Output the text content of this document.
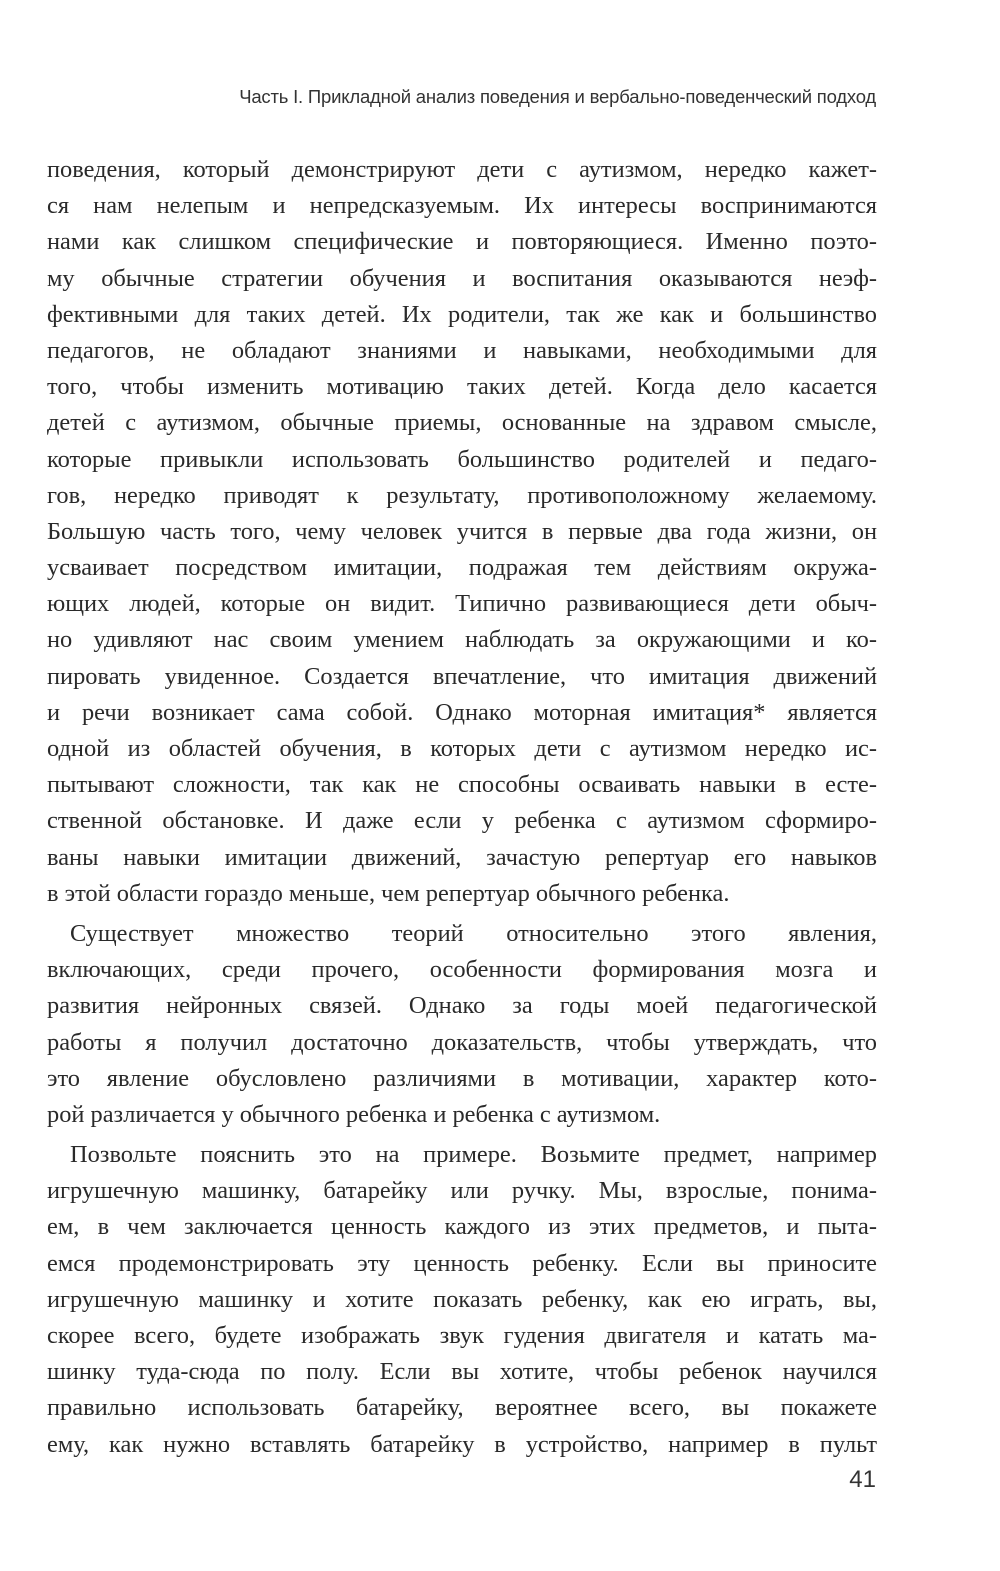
Часть I. Прикладной анализ поведения и вербально-поведенческий подход
поведения, который демонстрируют дети с аутизмом, нередко кажет-
ся нам нелепым и непредсказуемым. Их интересы воспринимаются
нами как слишком специфические и повторяющиеся. Именно поэто-
му обычные стратегии обучения и воспитания оказываются неэф-
фективными для таких детей. Их родители, так же как и большинство
педагогов, не обладают знаниями и навыками, необходимыми для
того, чтобы изменить мотивацию таких детей. Когда дело касается
детей с аутизмом, обычные приемы, основанные на здравом смысле,
которые привыкли использовать большинство родителей и педаго-
гов, нередко приводят к результату, противоположному желаемому.
Большую часть того, чему человек учится в первые два года жизни, он
усваивает посредством имитации, подражая тем действиям окружа-
ющих людей, которые он видит. Типично развивающиеся дети обыч-
но удивляют нас своим умением наблюдать за окружающими и ко-
пировать увиденное. Создается впечатление, что имитация движений
и речи возникает сама собой. Однако моторная имитация* является
одной из областей обучения, в которых дети с аутизмом нередко ис-
пытывают сложности, так как не способны осваивать навыки в есте-
ственной обстановке. И даже если у ребенка с аутизмом сформиро-
ваны навыки имитации движений, зачастую репертуар его навыков
в этой области гораздо меньше, чем репертуар обычного ребенка.
Существует множество теорий относительно этого явления,
включающих, среди прочего, особенности формирования мозга и
развития нейронных связей. Однако за годы моей педагогической
работы я получил достаточно доказательств, чтобы утверждать, что
это явление обусловлено различиями в мотивации, характер кото-
рой различается у обычного ребенка и ребенка с аутизмом.
Позвольте пояснить это на примере. Возьмите предмет, например
игрушечную машинку, батарейку или ручку. Мы, взрослые, понима-
ем, в чем заключается ценность каждого из этих предметов, и пыта-
емся продемонстрировать эту ценность ребенку. Если вы приносите
игрушечную машинку и хотите показать ребенку, как ею играть, вы,
скорее всего, будете изображать звук гудения двигателя и катать ма-
шинку туда-сюда по полу. Если вы хотите, чтобы ребенок научился
правильно использовать батарейку, вероятнее всего, вы покажете
ему, как нужно вставлять батарейку в устройство, например в пульт
41
